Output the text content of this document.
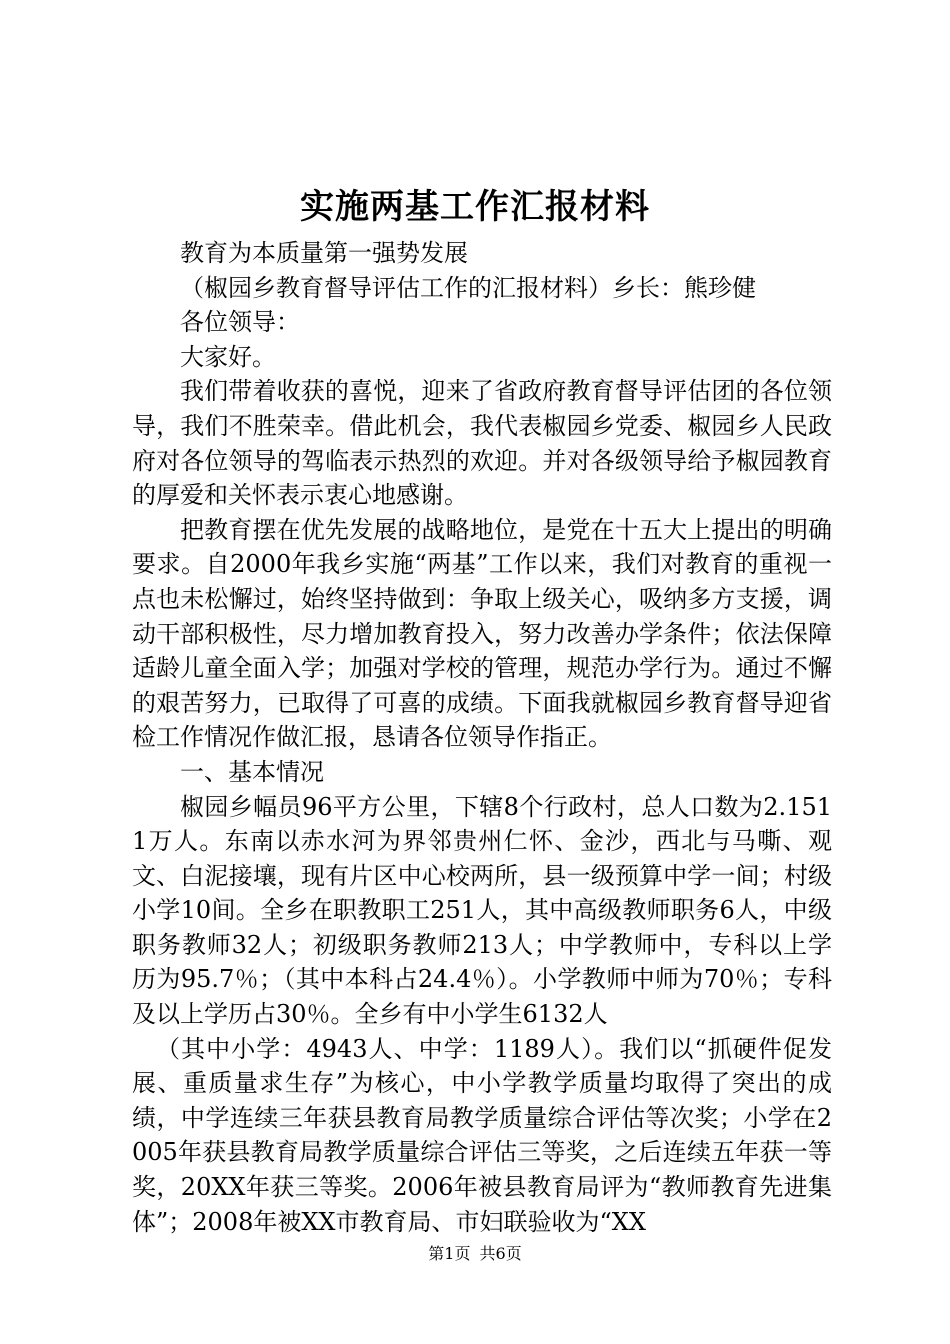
实施两基工作汇报材料

教育为本质量第一强势发展

（椒园乡教育督导评估工作的汇报材料）乡长：熊珍健

各位领导：

大家好。

我们带着收获的喜悦，迎来了省政府教育督导评估团的各位领导，我们不胜荣幸。借此机会，我代表椒园乡党委、椒园乡人民政府对各位领导的驾临表示热烈的欢迎。并对各级领导给予椒园教育的厚爱和关怀表示衷心地感谢。

把教育摆在优先发展的战略地位，是党在十五大上提出的明确要求。自2000年我乡实施“两基”工作以来，我们对教育的重视一点也未松懈过，始终坚持做到：争取上级关心，吸纳多方支援，调动干部积极性，尽力增加教育投入，努力改善办学条件；依法保障适龄儿童全面入学；加强对学校的管理，规范办学行为。通过不懈的艰苦努力，已取得了可喜的成绩。下面我就椒园乡教育督导迎省检工作情况作做汇报，恳请各位领导作指正。

一、基本情况

椒园乡幅员96平方公里，下辖8个行政村，总人口数为2.1511万人。东南以赤水河为界邻贵州仁怀、金沙，西北与马嘶、观文、白泥接壤，现有片区中心校两所，县一级预算中学一间；村级小学10间。全乡在职教职工251人，其中高级教师职务6人，中级职务教师32人；初级职务教师213人；中学教师中，专科以上学历为95.7％；（其中本科占24.4％）。小学教师中师为70％；专科及以上学历占30％。全乡有中小学生6132人

（其中小学：4943人、中学：1189人）。我们以“抓硬件促发展、重质量求生存”为核心，中小学教学质量均取得了突出的成绩，中学连续三年获县教育局教学质量综合评估等次奖；小学在2005年获县教育局教学质量综合评估三等奖，之后连续五年获一等奖，20XX年获三等奖。2006年被县教育局评为“教师教育先进集体”；2008年被XX市教育局、市妇联验收为“XX

第1页 共6页
